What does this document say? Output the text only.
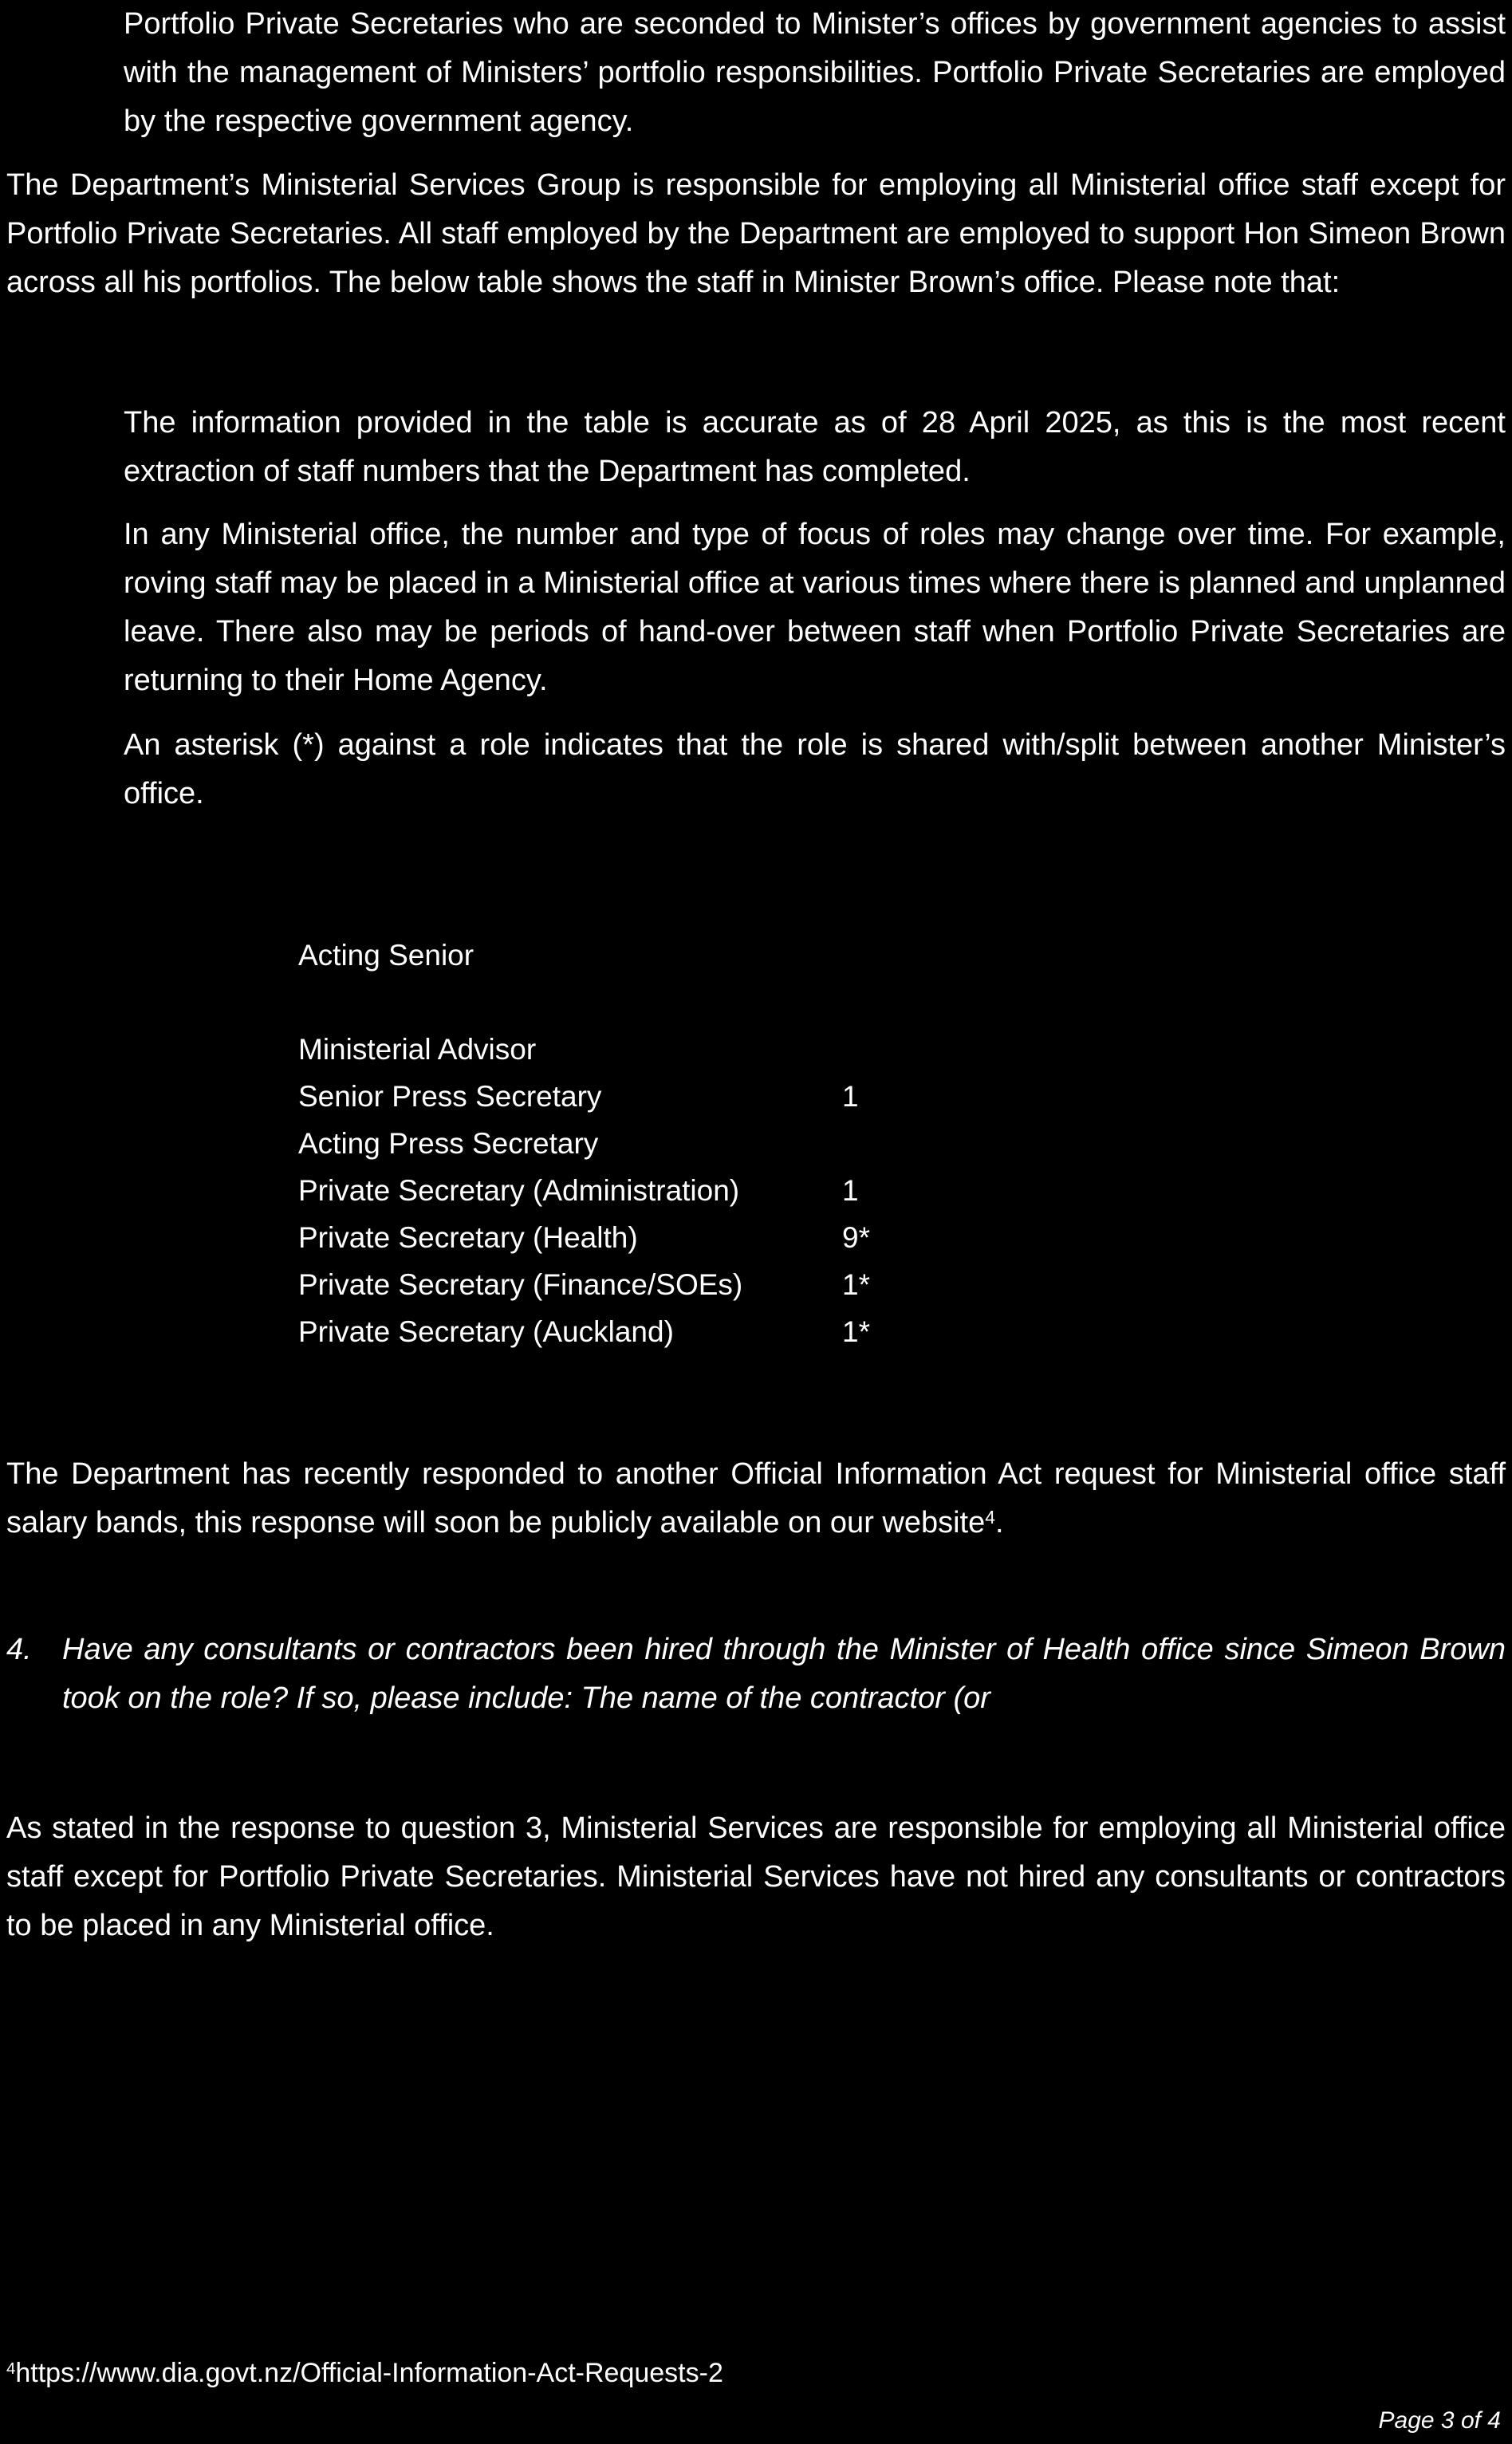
Portfolio Private Secretaries who are seconded to Minister’s offices by government agencies to assist with the management of Ministers’ portfolio responsibilities. Portfolio Private Secretaries are employed by the respective government agency.

The Department’s Ministerial Services Group is responsible for employing all Ministerial office staff except for Portfolio Private Secretaries. All staff employed by the Department are employed to support Hon Simeon Brown across all his portfolios. The below table shows the staff in Minister Brown’s office. Please note that:

The information provided in the table is accurate as of 28 April 2025, as this is the most recent extraction of staff numbers that the Department has completed.

In any Ministerial office, the number and type of focus of roles may change over time. For example, roving staff may be placed in a Ministerial office at various times where there is planned and unplanned leave. There also may be periods of hand-over between staff when Portfolio Private Secretaries are returning to their Home Agency.

An asterisk (*) against a role indicates that the role is shared with/split between another Minister’s office.

Acting Senior
Ministerial Advisor
Senior Press Secretary	1
Acting Press Secretary
Private Secretary (Administration)	1
Private Secretary (Health)	9*
Private Secretary (Finance/SOEs)	1*
Private Secretary (Auckland)	1*

The Department has recently responded to another Official Information Act request for Ministerial office staff salary bands, this response will soon be publicly available on our website$^4$.

4. Have any consultants or contractors been hired through the Minister of Health office since Simeon Brown took on the role? If so, please include: The name of the contractor (or

As stated in the response to question 3, Ministerial Services are responsible for employing all Ministerial office staff except for Portfolio Private Secretaries. Ministerial Services have not hired any consultants or contractors to be placed in any Ministerial office.

$^4$https://www.dia.govt.nz/Official-Information-Act-Requests-2
Page 3 of 4
